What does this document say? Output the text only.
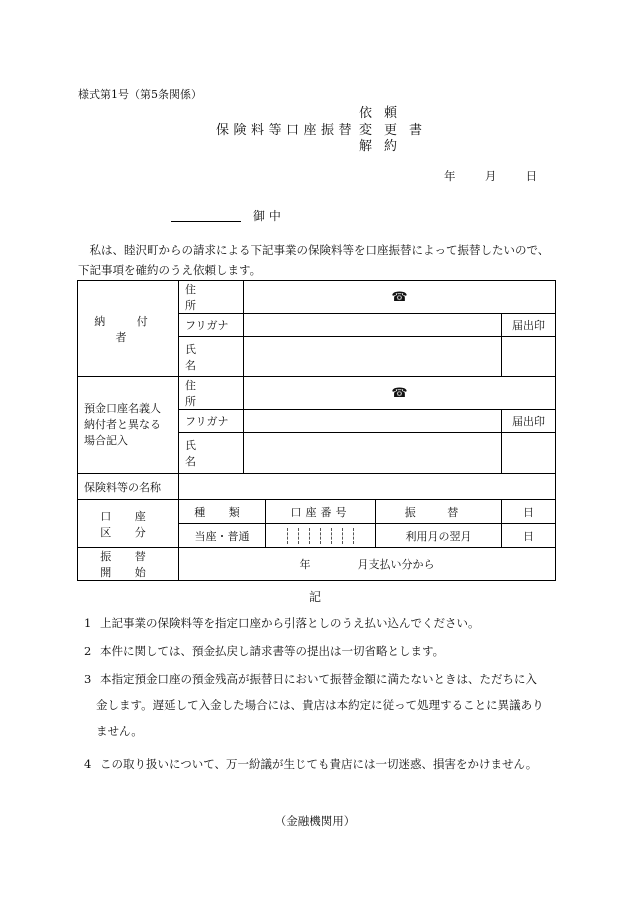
様式第1号（第5条関係）
保険料等口座振替
依頼
変更書
解約
年	月	日
御 中
私は、睦沢町からの請求による下記事業の保険料等を口座振替によって振替したいので、下記事項を確約のうえ依頼します。
納 付 者	住 所	☎			
	フリガナ				届出印
	氏 名				

預金口座名義人
納付者と異なる
場合記入	住 所	☎			
	フリガナ				届出印
	氏 名				
保険料等の名称					
口 座 区 分	種 類		口座番号	振 替	日
	当座・普通			利用月の翌月	日
振 替 開 始	年 月支払い分から				
記
1 上記事業の保険料等を指定口座から引落としのうえ払い込んでください。
2 本件に関しては、預金払戻し請求書等の提出は一切省略とします。
3 本指定預金口座の預金残高が振替日において振替金額に満たないときは、ただちに入
金します。遅延して入金した場合には、貴店は本約定に従って処理することに異議ありません。
4 この取り扱いについて、万一紛議が生じても貴店には一切迷惑、損害をかけません。
（金融機関用）
